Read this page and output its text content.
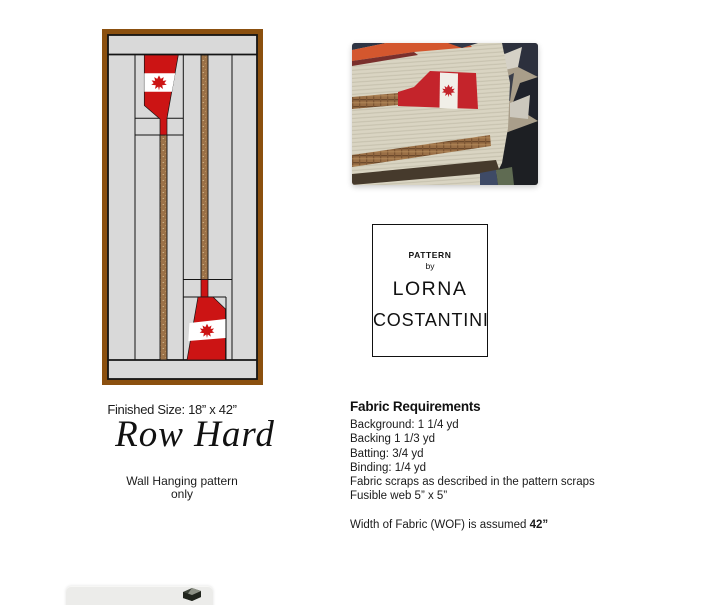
PATTERN
by
LORNA
COSTANTINI
Finished Size: 18” x 42”
Row Hard
Wall Hanging pattern
only
Fabric Requirements
Background: 1 1/4 yd
Backing 1 1/3 yd
Batting: 3/4 yd
Binding: 1/4 yd
Fabric scraps as described in the pattern scraps
Fusible web 5” x 5”
Width of Fabric (WOF) is assumed 42”
